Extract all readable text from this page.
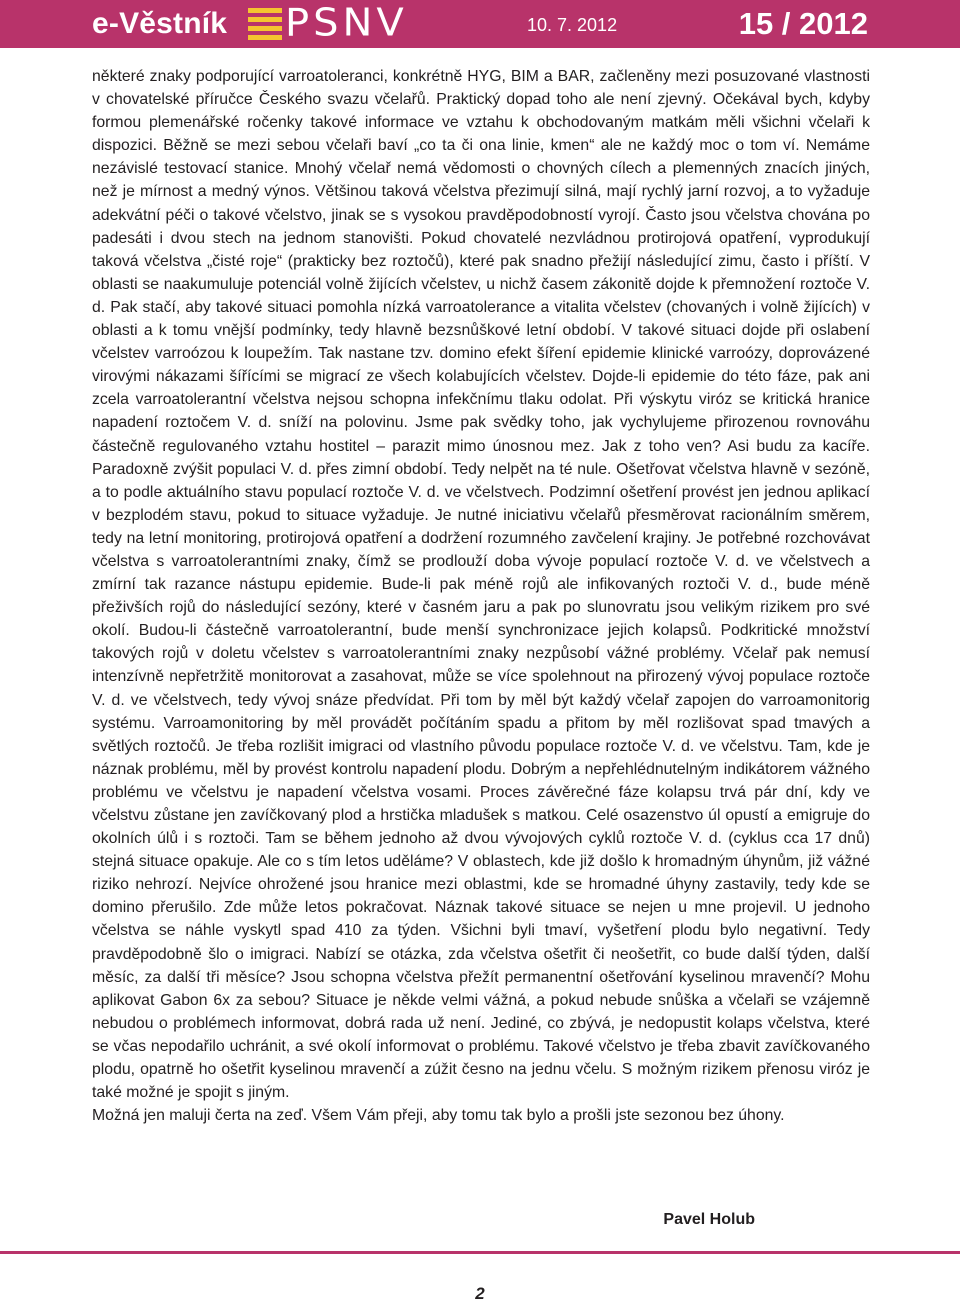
e-Věstník PSNV	10. 7. 2012	15 / 2012

některé znaky podporující varroatoleranci, konkrétně HYG, BIM a BAR, začleněny mezi posuzované vlastnosti v chovatelské příručce Českého svazu včelařů. Praktický dopad toho ale není zjevný. Očekával bych, kdyby formou plemenářské ročenky takové informace ve vztahu k obchodovaným matkám měli všichni včelaři k dispozici. Běžně se mezi sebou včelaři baví „co ta či ona linie, kmen“ ale ne každý moc o tom ví. Nemáme nezávislé testovací stanice. Mnohý včelař nemá vědomosti o chovných cílech a plemenných znacích jiných, než je mírnost a medný výnos. Většinou taková včelstva přezimují silná, mají rychlý jarní rozvoj, a to vyžaduje adekvátní péči o takové včelstvo, jinak se s vysokou pravděpodobností vyrojí. Často jsou včelstva chována po padesáti i dvou stech na jednom stanovišti. Pokud chovatelé nezvládnou protirojová opatření, vyprodukují taková včelstva „čisté roje“ (prakticky bez roztočů), které pak snadno přežijí následující zimu, často i příští. V oblasti se naakumuluje potenciál volně žijících včelstev, u nichž časem zákonitě dojde k přemnožení roztoče V. d. Pak stačí, aby takové situaci pomohla nízká varroatolerance a vitalita včelstev (chovaných i volně žijících) v oblasti a k tomu vnější podmínky, tedy hlavně bezsnůškové letní období. V takové situaci dojde při oslabení včelstev varroózou k loupežím. Tak nastane tzv. domino efekt šíření epidemie klinické varroózy, doprovázené virovými nákazami šířícími se migrací ze všech kolabujících včelstev. Dojde-li epidemie do této fáze, pak ani zcela varroatolerantní včelstva nejsou schopna infekčnímu tlaku odolat. Při výskytu viróz se kritická hranice napadení roztočem V. d. sníží na polovinu. Jsme pak svědky toho, jak vychylujeme přirozenou rovnováhu částečně regulovaného vztahu hostitel – parazit mimo únosnou mez. Jak z toho ven? Asi budu za kacíře. Paradoxně zvýšit populaci V. d. přes zimní období. Tedy nelpět na té nule. Ošetřovat včelstva hlavně v sezóně, a to podle aktuálního stavu populací roztoče V. d. ve včelstvech. Podzimní ošetření provést jen jednou aplikací v bezplodém stavu, pokud to situace vyžaduje. Je nutné iniciativu včelařů přesměrovat racionálním směrem, tedy na letní monitoring, protirojová opatření a dodržení rozumného zavčelení krajiny. Je potřebné rozchovávat včelstva s varroatolerantními znaky, čímž se prodlouží doba vývoje populací roztoče V. d. ve včelstvech a zmírní tak razance nástupu epidemie. Bude-li pak méně rojů ale infikovaných roztoči V. d., bude méně přeživších rojů do následující sezóny, které v časném jaru a pak po slunovratu jsou velikým rizikem pro své okolí. Budou-li částečně varroatolerantní, bude menší synchronizace jejich kolapsů. Podkritické množství takových rojů v doletu včelstev s varroatolerantními znaky nezpůsobí vážné problémy. Včelař pak nemusí intenzívně nepřetržitě monitorovat a zasahovat, může se více spolehnout na přirozený vývoj populace roztoče V. d. ve včelstvech, tedy vývoj snáze předvídat. Při tom by měl být každý včelař zapojen do varroamonitorig systému. Varroamonitoring by měl provádět počítáním spadu a přitom by měl rozlišovat spad tmavých a světlých roztočů. Je třeba rozlišit imigraci od vlastního původu populace roztoče V. d. ve včelstvu. Tam, kde je náznak problému, měl by provést kontrolu napadení plodu. Dobrým a nepřehlédnutelným indikátorem vážného problému ve včelstvu je napadení včelstva vosami. Proces závěrečné fáze kolapsu trvá pár dní, kdy ve včelstvu zůstane jen zavíčkovaný plod a hrstička mladušek s matkou. Celé osazenstvo úl opustí a emigruje do okolních úlů i s roztoči. Tam se během jednoho až dvou vývojových cyklů roztoče V. d. (cyklus cca 17 dnů) stejná situace opakuje. Ale co s tím letos uděláme? V oblastech, kde již došlo k hromadným úhynům, již vážné riziko nehrozí. Nejvíce ohrožené jsou hranice mezi oblastmi, kde se hromadné úhyny zastavily, tedy kde se domino přerušilo. Zde může letos pokračovat. Náznak takové situace se nejen u mne projevil. U jednoho včelstva se náhle vyskytl spad 410 za týden. Všichni byli tmaví, vyšetření plodu bylo negativní. Tedy pravděpodobně šlo o imigraci. Nabízí se otázka, zda včelstva ošetřit či neošetřit, co bude další týden, další měsíc, za další tři měsíce? Jsou schopna včelstva přežít permanentní ošetřování kyselinou mravenčí? Mohu aplikovat Gabon 6x za sebou? Situace je někde velmi vážná, a pokud nebude snůška a včelaři se vzájemně nebudou o problémech informovat, dobrá rada už není. Jediné, co zbývá, je nedopustit kolaps včelstva, které se včas nepodařilo uchránit, a své okolí informovat o problému. Takové včelstvo je třeba zbavit zavíčkovaného plodu, opatrně ho ošetřit kyselinou mravenčí a zúžit česno na jednu včelu. S možným rizikem přenosu viróz je také možné je spojit s jiným.

Možná jen maluji čerta na zeď. Všem Vám přeji, aby tomu tak bylo a prošli jste sezonou bez úhony.

Pavel Holub
2
